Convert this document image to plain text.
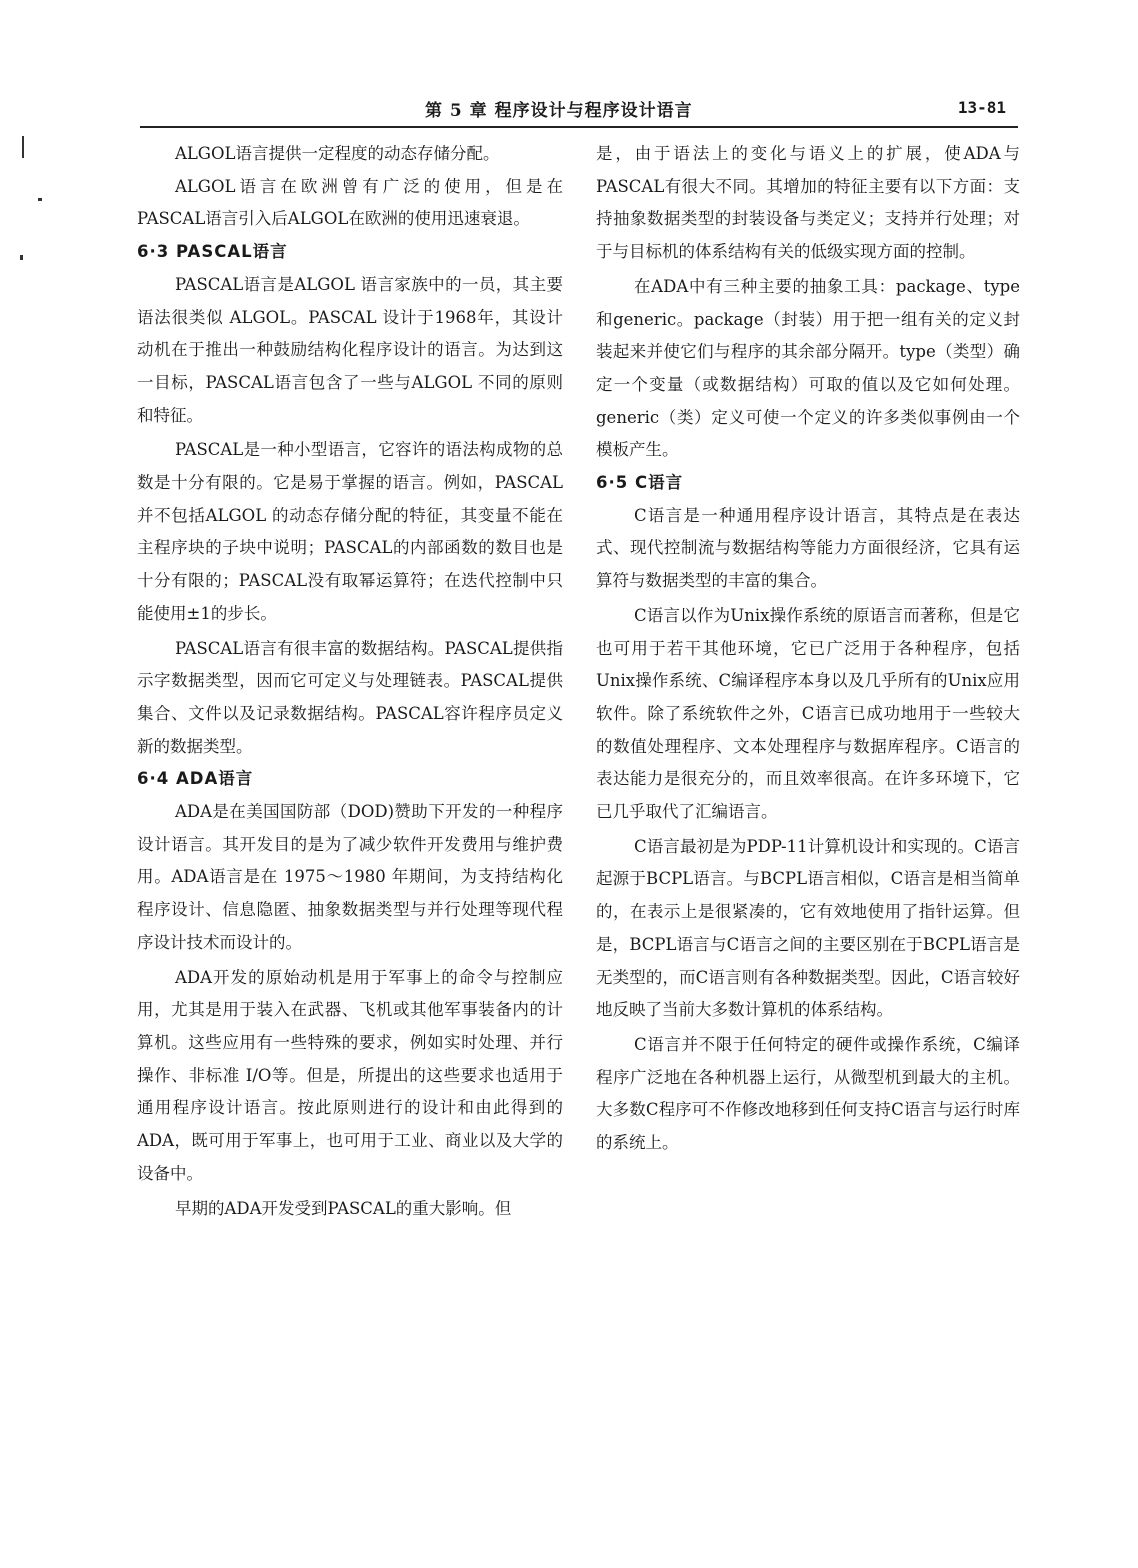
第 5 章 程序设计与程序设计语言	13-81

ALGOL语言提供一定程度的动态存储分配。

ALGOL语言在欧洲曾有广泛的使用，但是在PASCAL语言引入后ALGOL在欧洲的使用迅速衰退。

6·3 PASCAL语言

PASCAL语言是ALGOL 语言家族中的一员，其主要语法很类似 ALGOL。PASCAL 设计于1968年，其设计动机在于推出一种鼓励结构化程序设计的语言。为达到这一目标，PASCAL语言包含了一些与ALGOL 不同的原则和特征。

PASCAL是一种小型语言，它容许的语法构成物的总数是十分有限的。它是易于掌握的语言。例如，PASCAL并不包括ALGOL 的动态存储分配的特征，其变量不能在主程序块的子块中说明；PASCAL的内部函数的数目也是十分有限的；PASCAL没有取幂运算符；在迭代控制中只能使用±1的步长。

PASCAL语言有很丰富的数据结构。PASCAL提供指示字数据类型，因而它可定义与处理链表。PASCAL提供集合、文件以及记录数据结构。PASCAL容许程序员定义新的数据类型。

6·4 ADA语言

ADA是在美国国防部（DOD)赞助下开发的一种程序设计语言。其开发目的是为了减少软件开发费用与维护费用。ADA语言是在 1975～1980 年期间，为支持结构化程序设计、信息隐匿、抽象数据类型与并行处理等现代程序设计技术而设计的。

ADA开发的原始动机是用于军事上的命令与控制应用，尤其是用于装入在武器、飞机或其他军事装备内的计算机。这些应用有一些特殊的要求，例如实时处理、并行操作、非标准 I/O等。但是，所提出的这些要求也适用于通用程序设计语言。按此原则进行的设计和由此得到的ADA，既可用于军事上，也可用于工业、商业以及大学的设备中。

早期的ADA开发受到PASCAL的重大影响。但

是，由于语法上的变化与语义上的扩展，使ADA与PASCAL有很大不同。其增加的特征主要有以下方面：支持抽象数据类型的封装设备与类定义；支持并行处理；对于与目标机的体系结构有关的低级实现方面的控制。

在ADA中有三种主要的抽象工具：package、type和generic。package（封装）用于把一组有关的定义封装起来并使它们与程序的其余部分隔开。type（类型）确定一个变量（或数据结构）可取的值以及它如何处理。generic（类）定义可使一个定义的许多类似事例由一个模板产生。

6·5 C语言

C语言是一种通用程序设计语言，其特点是在表达式、现代控制流与数据结构等能力方面很经济，它具有运算符与数据类型的丰富的集合。

C语言以作为Unix操作系统的原语言而著称，但是它也可用于若干其他环境，它已广泛用于各种程序，包括Unix操作系统、C编译程序本身以及几乎所有的Unix应用软件。除了系统软件之外，C语言已成功地用于一些较大的数值处理程序、文本处理程序与数据库程序。C语言的表达能力是很充分的，而且效率很高。在许多环境下，它已几乎取代了汇编语言。

C语言最初是为PDP-11计算机设计和实现的。C语言起源于BCPL语言。与BCPL语言相似，C语言是相当简单的，在表示上是很紧凑的，它有效地使用了指针运算。但是，BCPL语言与C语言之间的主要区别在于BCPL语言是无类型的，而C语言则有各种数据类型。因此，C语言较好地反映了当前大多数计算机的体系结构。

C语言并不限于任何特定的硬件或操作系统，C编译程序广泛地在各种机器上运行，从微型机到最大的主机。大多数C程序可不作修改地移到任何支持C语言与运行时库的系统上。
